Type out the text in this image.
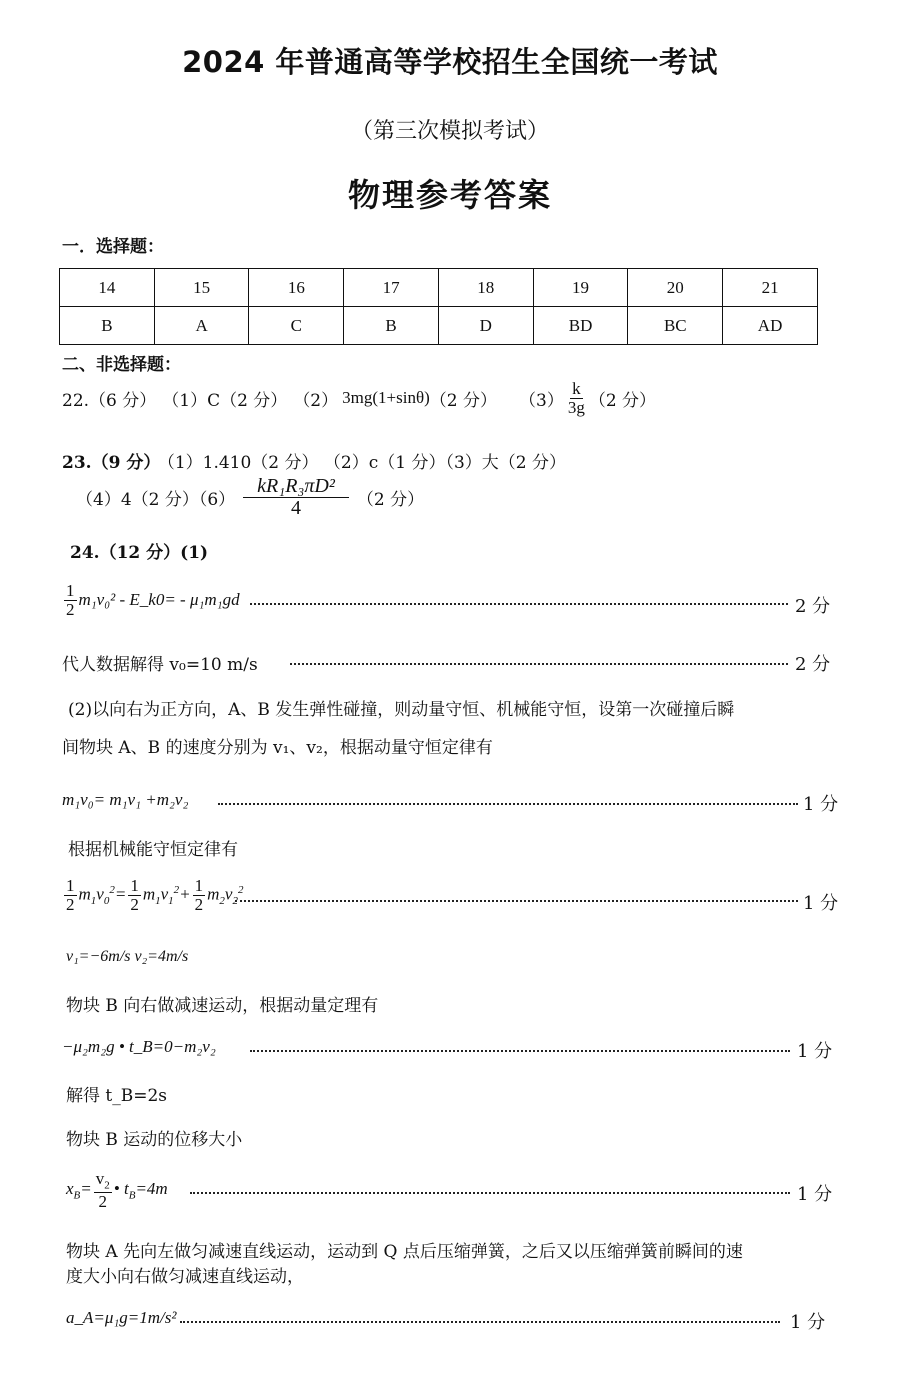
2024 年普通高等学校招生全国统一考试
（第三次模拟考试）
物理参考答案
一．选择题：
14	15	16	17	18	19	20	21
B	A	C	B	D	BD	BC	AD
二、非选择题：
22.（6 分） （1）C（2 分） （2） 3mg(1+sinθ) （2 分） $(3) \frac{k}{3g} (2$ 分）
23.（9 分） （1）1.410（2 分） （2）c（1 分）（3）大（2 分）
（4）4（2 分）$(6) \frac{\text{kR₁R₃πD²}}{4} (2$ 分）
24.（12 分）(1)
$\frac{1}{2} m_1v_0^2$ - E_k0= - μ₁m₁gd	2 分
代人数据解得 v₀=10 m/s	2 分
(2)以向右为正方向，A、B 发生弹性碰撞，则动量守恒、机械能守恒，设第一次碰撞后瞬
间物块 A、B 的速度分别为 v₁、v₂，根据动量守恒定律有
m₁v₀= m₁v₁ +m₂v₂	1 分
根据机械能守恒定律有
$\frac{1}{2} m_1v_0^2= \frac{1}{2} m_1v_1^2+ \frac{1}{2} m_2v_2^2$
1 分
v₁=−6m/s v₂=4m/s
物块 B 向右做减速运动，根据动量定理有
−μ₂m₂g • t_B=0−m₂v₂	1 分
解得 t_B=2s
物块 B 运动的位移大小
$x_B= \frac{v_2}{2}$ • $t_B=4m$	1 分
物块 A 先向左做匀减速直线运动，运动到 Q 点后压缩弹簧，之后又以压缩弹簧前瞬间的速
度大小向右做匀减速直线运动，
a_A=μ₁g=1m/s²	1 分
